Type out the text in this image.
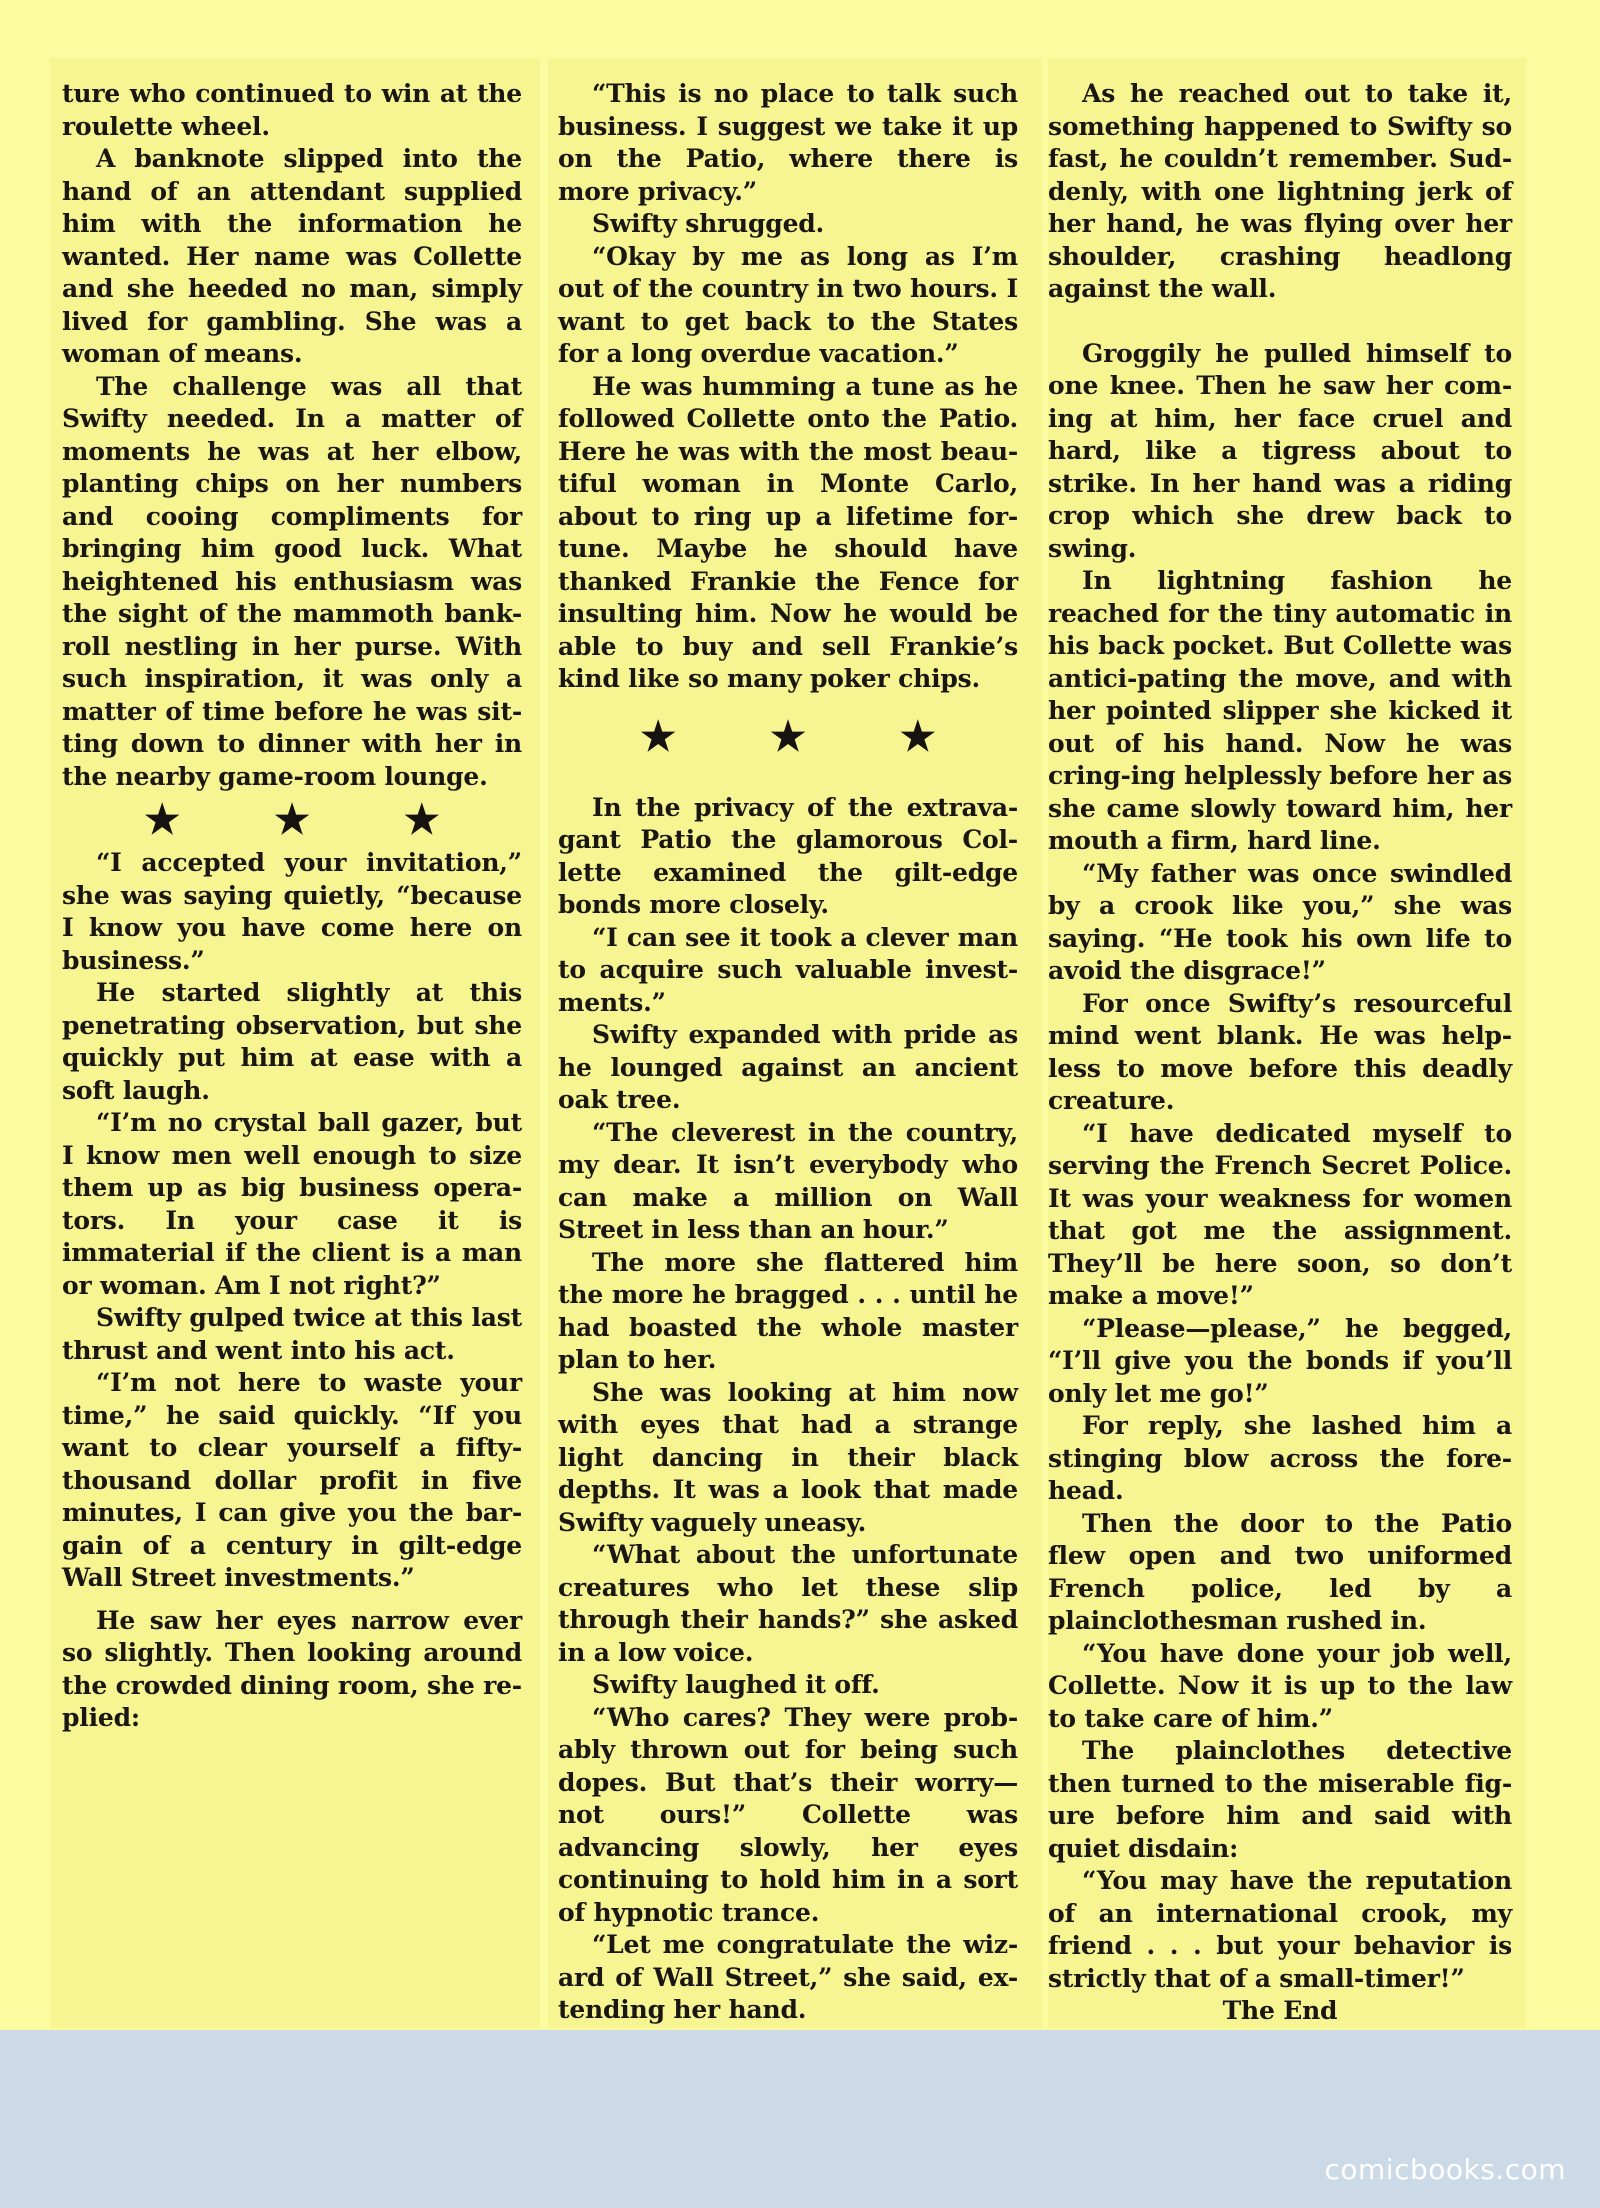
ture who continued to win at the roulette wheel.

A banknote slipped into the hand of an attendant supplied him with the information he wanted. Her name was Collette and she heeded no man, simply lived for gambling. She was a woman of means.

The challenge was all that Swifty needed. In a matter of moments he was at her elbow, planting chips on her numbers and cooing compliments for bringing him good luck. What heightened his enthusiasm was the sight of the mammoth bank-roll nestling in her purse. With such inspiration, it was only a matter of time before he was sit-ting down to dinner with her in the nearby game-room lounge.

★ ★ ★

“I accepted your invitation,” she was saying quietly, “because I know you have come here on business.”

He started slightly at this penetrating observation, but she quickly put him at ease with a soft laugh.

“I’m no crystal ball gazer, but I know men well enough to size them up as big business opera-tors. In your case it is immaterial if the client is a man or woman. Am I not right?”

Swifty gulped twice at this last thrust and went into his act.

“I’m not here to waste your time,” he said quickly. “If you want to clear yourself a fifty-thousand dollar profit in five minutes, I can give you the bar-gain of a century in gilt-edge Wall Street investments.”

He saw her eyes narrow ever so slightly. Then looking around the crowded dining room, she re-plied:

“This is no place to talk such business. I suggest we take it up on the Patio, where there is more privacy.”

Swifty shrugged.

“Okay by me as long as I’m out of the country in two hours. I want to get back to the States for a long overdue vacation.”

He was humming a tune as he followed Collette onto the Patio. Here he was with the most beau-tiful woman in Monte Carlo, about to ring up a lifetime for-tune. Maybe he should have thanked Frankie the Fence for insulting him. Now he would be able to buy and sell Frankie’s kind like so many poker chips.

★ ★ ★

In the privacy of the extrava-gant Patio the glamorous Col-lette examined the gilt-edge bonds more closely.

“I can see it took a clever man to acquire such valuable invest-ments.”

Swifty expanded with pride as he lounged against an ancient oak tree.

“The cleverest in the country, my dear. It isn’t everybody who can make a million on Wall Street in less than an hour.”

The more she flattered him the more he bragged . . . until he had boasted the whole master plan to her.

She was looking at him now with eyes that had a strange light dancing in their black depths. It was a look that made Swifty vaguely uneasy.

“What about the unfortunate creatures who let these slip through their hands?” she asked in a low voice.

Swifty laughed it off.

“Who cares? They were prob-ably thrown out for being such dopes. But that’s their worry—not ours!” Collette was advancing slowly, her eyes continuing to hold him in a sort of hypnotic trance.

“Let me congratulate the wiz-ard of Wall Street,” she said, ex-tending her hand.

As he reached out to take it, something happened to Swifty so fast, he couldn’t remember. Sud-denly, with one lightning jerk of her hand, he was flying over her shoulder, crashing headlong against the wall.

Groggily he pulled himself to one knee. Then he saw her com-ing at him, her face cruel and hard, like a tigress about to strike. In her hand was a riding crop which she drew back to swing.

In lightning fashion he reached for the tiny automatic in his back pocket. But Collette was antici-pating the move, and with her pointed slipper she kicked it out of his hand. Now he was cring-ing helplessly before her as she came slowly toward him, her mouth a firm, hard line.

“My father was once swindled by a crook like you,” she was saying. “He took his own life to avoid the disgrace!”

For once Swifty’s resourceful mind went blank. He was help-less to move before this deadly creature.

“I have dedicated myself to serving the French Secret Police. It was your weakness for women that got me the assignment. They’ll be here soon, so don’t make a move!”

“Please—please,” he begged, “I’ll give you the bonds if you’ll only let me go!”

For reply, she lashed him a stinging blow across the fore-head.

Then the door to the Patio flew open and two uniformed French police, led by a plainclothesman rushed in.

“You have done your job well, Collette. Now it is up to the law to take care of him.”

The plainclothes detective then turned to the miserable fig-ure before him and said with quiet disdain:

“You may have the reputation of an international crook, my friend . . . but your behavior is strictly that of a small-timer!”

The End

comicbooks.com
